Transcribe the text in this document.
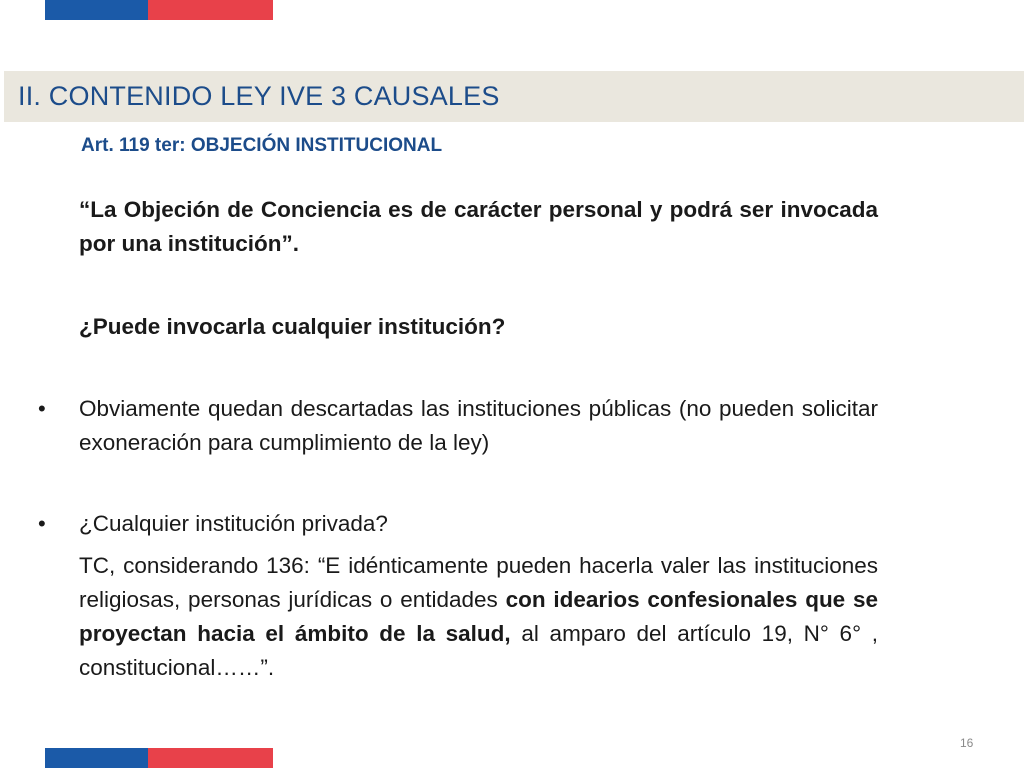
II. CONTENIDO LEY IVE 3 CAUSALES
Art. 119 ter: OBJECIÓN INSTITUCIONAL

“La Objeción de Conciencia es de carácter personal y podrá ser invocada por una institución”.

¿Puede invocarla cualquier institución?

• Obviamente quedan descartadas las instituciones públicas (no pueden solicitar exoneración para cumplimiento de la ley)

• ¿Cualquier institución privada?

TC, considerando 136: “E idénticamente pueden hacerla valer las instituciones religiosas, personas jurídicas o entidades con idearios confesionales que se proyectan hacia el ámbito de la salud, al amparo del artículo 19, N° 6° , constitucional……”.

16
